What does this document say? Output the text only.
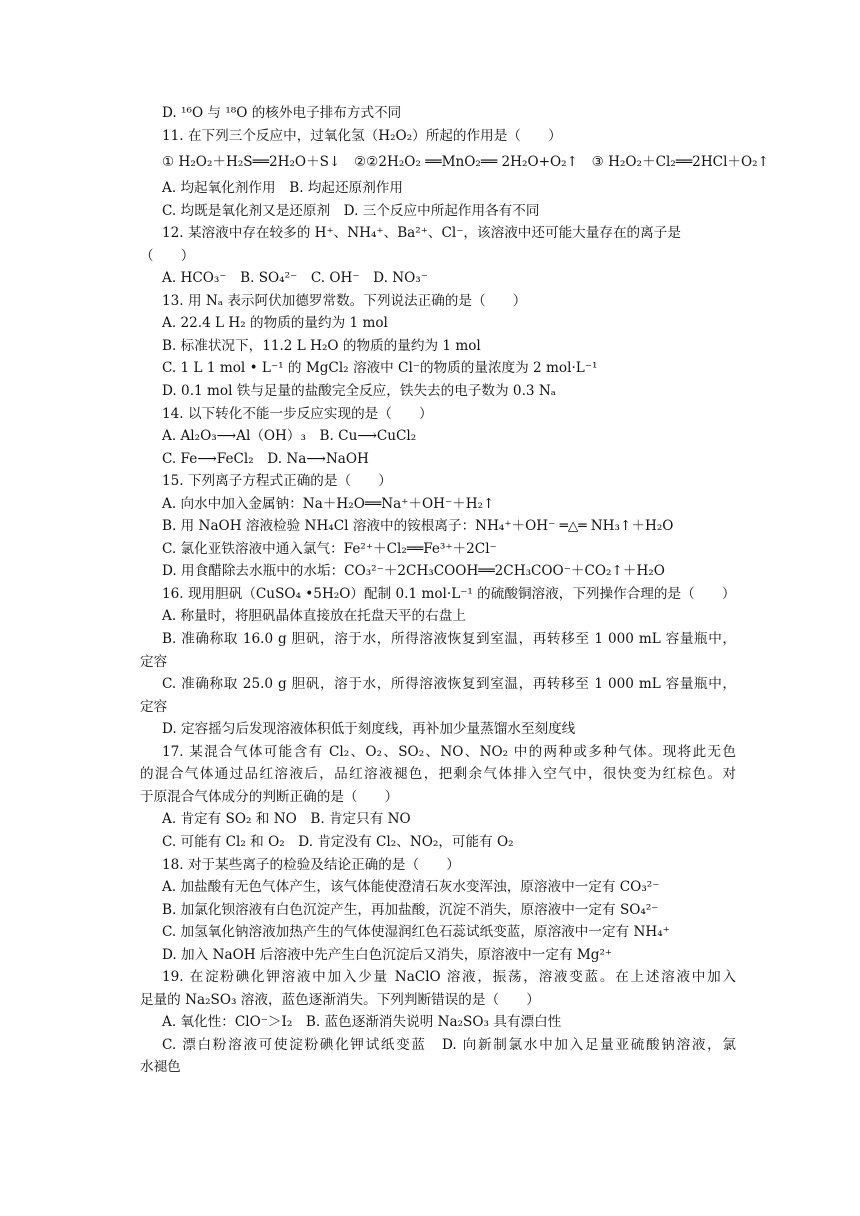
D. ¹⁶O 与 ¹⁸O 的核外电子排布方式不同
11. 在下列三个反应中，过氧化氢（H₂O₂）所起的作用是（　　）
① H₂O₂＋H₂S══2H₂O＋S↓　②②2H₂O₂ ══MnO₂══ 2H₂O+O₂↑　③ H₂O₂＋Cl₂══2HCl＋O₂↑
A. 均起氧化剂作用　B. 均起还原剂作用
C. 均既是氧化剂又是还原剂　D. 三个反应中所起作用各有不同
12. 某溶液中存在较多的 H⁺、NH₄⁺、Ba²⁺、Cl⁻，该溶液中还可能大量存在的离子是
（　　）
A. HCO₃⁻　B. SO₄²⁻　C. OH⁻　D. NO₃⁻
13. 用 Nₐ 表示阿伏加德罗常数。下列说法正确的是（　　）
A. 22.4 L H₂ 的物质的量约为 1 mol
B. 标准状况下，11.2 L H₂O 的物质的量约为 1 mol
C. 1 L 1 mol • L⁻¹ 的 MgCl₂ 溶液中 Cl⁻的物质的量浓度为 2 mol·L⁻¹
D. 0.1 mol 铁与足量的盐酸完全反应，铁失去的电子数为 0.3 Nₐ
14. 以下转化不能一步反应实现的是（　　）
A. Al₂O₃⟶Al（OH）₃　B. Cu⟶CuCl₂
C. Fe⟶FeCl₂　D. Na⟶NaOH
15. 下列离子方程式正确的是（　　）
A. 向水中加入金属钠：Na＋H₂O══Na⁺＋OH⁻＋H₂↑
B. 用 NaOH 溶液检验 NH₄Cl 溶液中的铵根离子：NH₄⁺＋OH⁻ ═△═ NH₃↑＋H₂O
C. 氯化亚铁溶液中通入氯气：Fe²⁺＋Cl₂══Fe³⁺＋2Cl⁻
D. 用食醋除去水瓶中的水垢：CO₃²⁻＋2CH₃COOH══2CH₃COO⁻＋CO₂↑＋H₂O
16. 现用胆矾（CuSO₄ •5H₂O）配制 0.1 mol·L⁻¹ 的硫酸铜溶液，下列操作合理的是（　　）
A. 称量时，将胆矾晶体直接放在托盘天平的右盘上
B. 准确称取 16.0 g 胆矾，溶于水，所得溶液恢复到室温，再转移至 1 000 mL 容量瓶中，
定容
C. 准确称取 25.0 g 胆矾，溶于水，所得溶液恢复到室温，再转移至 1 000 mL 容量瓶中，
定容
D. 定容摇匀后发现溶液体积低于刻度线，再补加少量蒸馏水至刻度线
17. 某混合气体可能含有 Cl₂、O₂、SO₂、NO、NO₂ 中的两种或多种气体。现将此无色
的混合气体通过品红溶液后，品红溶液褪色，把剩余气体排入空气中，很快变为红棕色。对
于原混合气体成分的判断正确的是（　　）
A. 肯定有 SO₂ 和 NO　B. 肯定只有 NO
C. 可能有 Cl₂ 和 O₂　D. 肯定没有 Cl₂、NO₂，可能有 O₂
18. 对于某些离子的检验及结论正确的是（　　）
A. 加盐酸有无色气体产生，该气体能使澄清石灰水变浑浊，原溶液中一定有 CO₃²⁻
B. 加氯化钡溶液有白色沉淀产生，再加盐酸，沉淀不消失，原溶液中一定有 SO₄²⁻
C. 加氢氧化钠溶液加热产生的气体使湿润红色石蕊试纸变蓝，原溶液中一定有 NH₄⁺
D. 加入 NaOH 后溶液中先产生白色沉淀后又消失，原溶液中一定有 Mg²⁺
19. 在淀粉碘化钾溶液中加入少量 NaClO 溶液，振荡，溶液变蓝。在上述溶液中加入
足量的 Na₂SO₃ 溶液，蓝色逐渐消失。下列判断错误的是（　　）
A. 氧化性：ClO⁻＞I₂　B. 蓝色逐渐消失说明 Na₂SO₃ 具有漂白性
C. 漂白粉溶液可使淀粉碘化钾试纸变蓝　D. 向新制氯水中加入足量亚硫酸钠溶液，氯
水褪色
